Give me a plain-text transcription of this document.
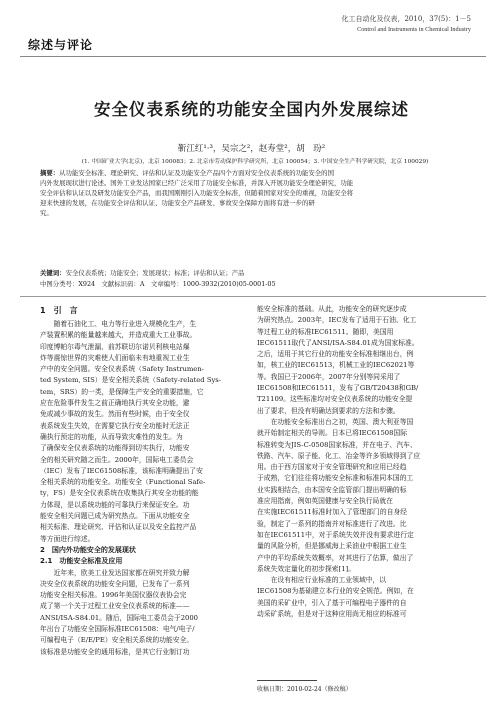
综述与评论
化工自动化及仪表，2010，37(5)：1－5
Control and Instruments in Chemical Industry
安全仪表系统的功能安全国内外发展综述
靳江红¹·³，吴宗之²，赵寿堂²，胡　玢²
(1. 中国矿业大学(北京)，北京 100083；2. 北京市劳动保护科学研究所，北京 100054；3. 中国安全生产科学研究院，北京 100029)
摘要：从功能安全标准、理论研究、评估和认证及功能安全产品四个方面对安全仪表系统的功能安全的国
内外发展现状进行论述。国外工业发达国家已经广泛采用了功能安全标准，并深入开展功能安全理论研究，功能
安全评估和认证以及研发功能安全产品，而我国刚刚引入功能安全标准，但随着国家对安全的重视，功能安全将
迎来快速的发展，在功能安全评估和认证、功能安全产品研发、事故安全保障方面将有进一步的研
究。
关键词：安全仪表系统；功能安全；发展现状；标准；评估和认证；产品
中图分类号：X924　文献标识码：A　文章编号：1000-3932(2010)05-0001-05
1　引　言
　　随着石油化工、电力等行业进入规模化生产，生
产装置积累的能量越来越大，并造成重大工业事故。
印度博帕尔毒气泄漏、前苏联切尔诺贝利核电站爆
炸等震惊世界的灾难使人们面临未有地重视工业生
产中的安全问题。安全仪表系统（Safety Instrumen-
ted System, SIS）是安全相关系统（Safety-related Sys-
tem，SRS）的一类，是保障生产安全的重要措施，它
应在危险事件发生之前正确地执行其安全功能，避
免或减少事故的发生。然而有些时候，由于安全仪
表系统发生失效，在需要它执行安全功能时无法正
确执行预定的功能，从而导致灾难性的发生。为
了确保安全仪表系统的功能得到切实执行，功能安
全的相关研究随之而生。2000年，国际电工委员会
（IEC）发布了IEC61508标准，该标准明确提出了安
全相关系统的功能安全。功能安全（Functional Safe-
ty，FS）是安全仪表系统在收集执行其安全功能的能
力体现，是以系统功能的可靠执行来保证安全。功
能安全相关问题已成为研究热点。下面从功能安全
相关标准、理论研究、评估和认证以及安全监控产品
等方面进行综述。
2　国内外功能安全的发展现状
2.1　功能安全标准及应用
　　近年来，欧美工业发达国家都在研究并致力解
决安全仪表系统的功能安全问题，已发布了一系列
功能安全相关标准。1996年美国仪器仪表协会完
成了第一个关于过程工业安全仪表系统的标准——
ANSI/ISA-S84.01。随后，国际电工委员会于2000
年出台了功能安全国际标准IEC61508：电气/电子/
可编程电子（E/E/PE）安全相关系统的功能安全。
该标准是功能安全的通用标准，是其它行业制订功
能安全标准的基础。从此，功能安全的研究逐步成
为研究热点。2003年，IEC发布了适用于石油、化工
等过程工业的标准IEC61511。随即，美国用
IEC61511取代了ANSI/ISA-S84.01成为国家标准。
之后，适用于其它行业的功能安全标准相继出台，例
如，核工业的IEC61513，机械工业的IEC62021等
等。我国已于2006年，2007年分别等同采用了
IEC61508和IEC61511，发布了GB/T20438和GB/
T21109。这些标准均对安全仪表系统的功能安全提
出了要求，但没有明确达到要求的方法和步骤。
　　在功能安全标准出台之初，英国、澳大利亚等国
就开始制定相关的导则。日本已将IEC61508国际
标准转变为JIS-C-0508国家标准，并在电子、汽车、
铁路、汽车、原子能、化工、冶金等许多领域得到了应
用。由于西方国家对于安全管理研究和应用已经趋
于成熟，它们往往将功能安全标准和标准同本国的工
业实践相结合，由本国安全监管部门提出明确的标
准应用指南，例如英国健康与安全执行局就在
在实施IEC61511标准时加入了管理部门的自身经
验，制定了一系列的指南并对标准进行了改进。比
如在IEC61511中，对于系统失效并没有要求进行定
量的风险分析，但是挪威海上采油业中根据工业生
产中的平均系统失效概率，对其进行了估算，做出了
系统失效定量化的初步探索[1]。
　　在设有相应行业标准的工业领域中，以
IEC61508为基础建立本行业的安全规范。例如，在
美国的采矿业中，引入了基于可编程电子器件的自
动采矿系统，但是对于这种应用尚无相应的标准可
收稿日期：2010-02-24（修改稿）
